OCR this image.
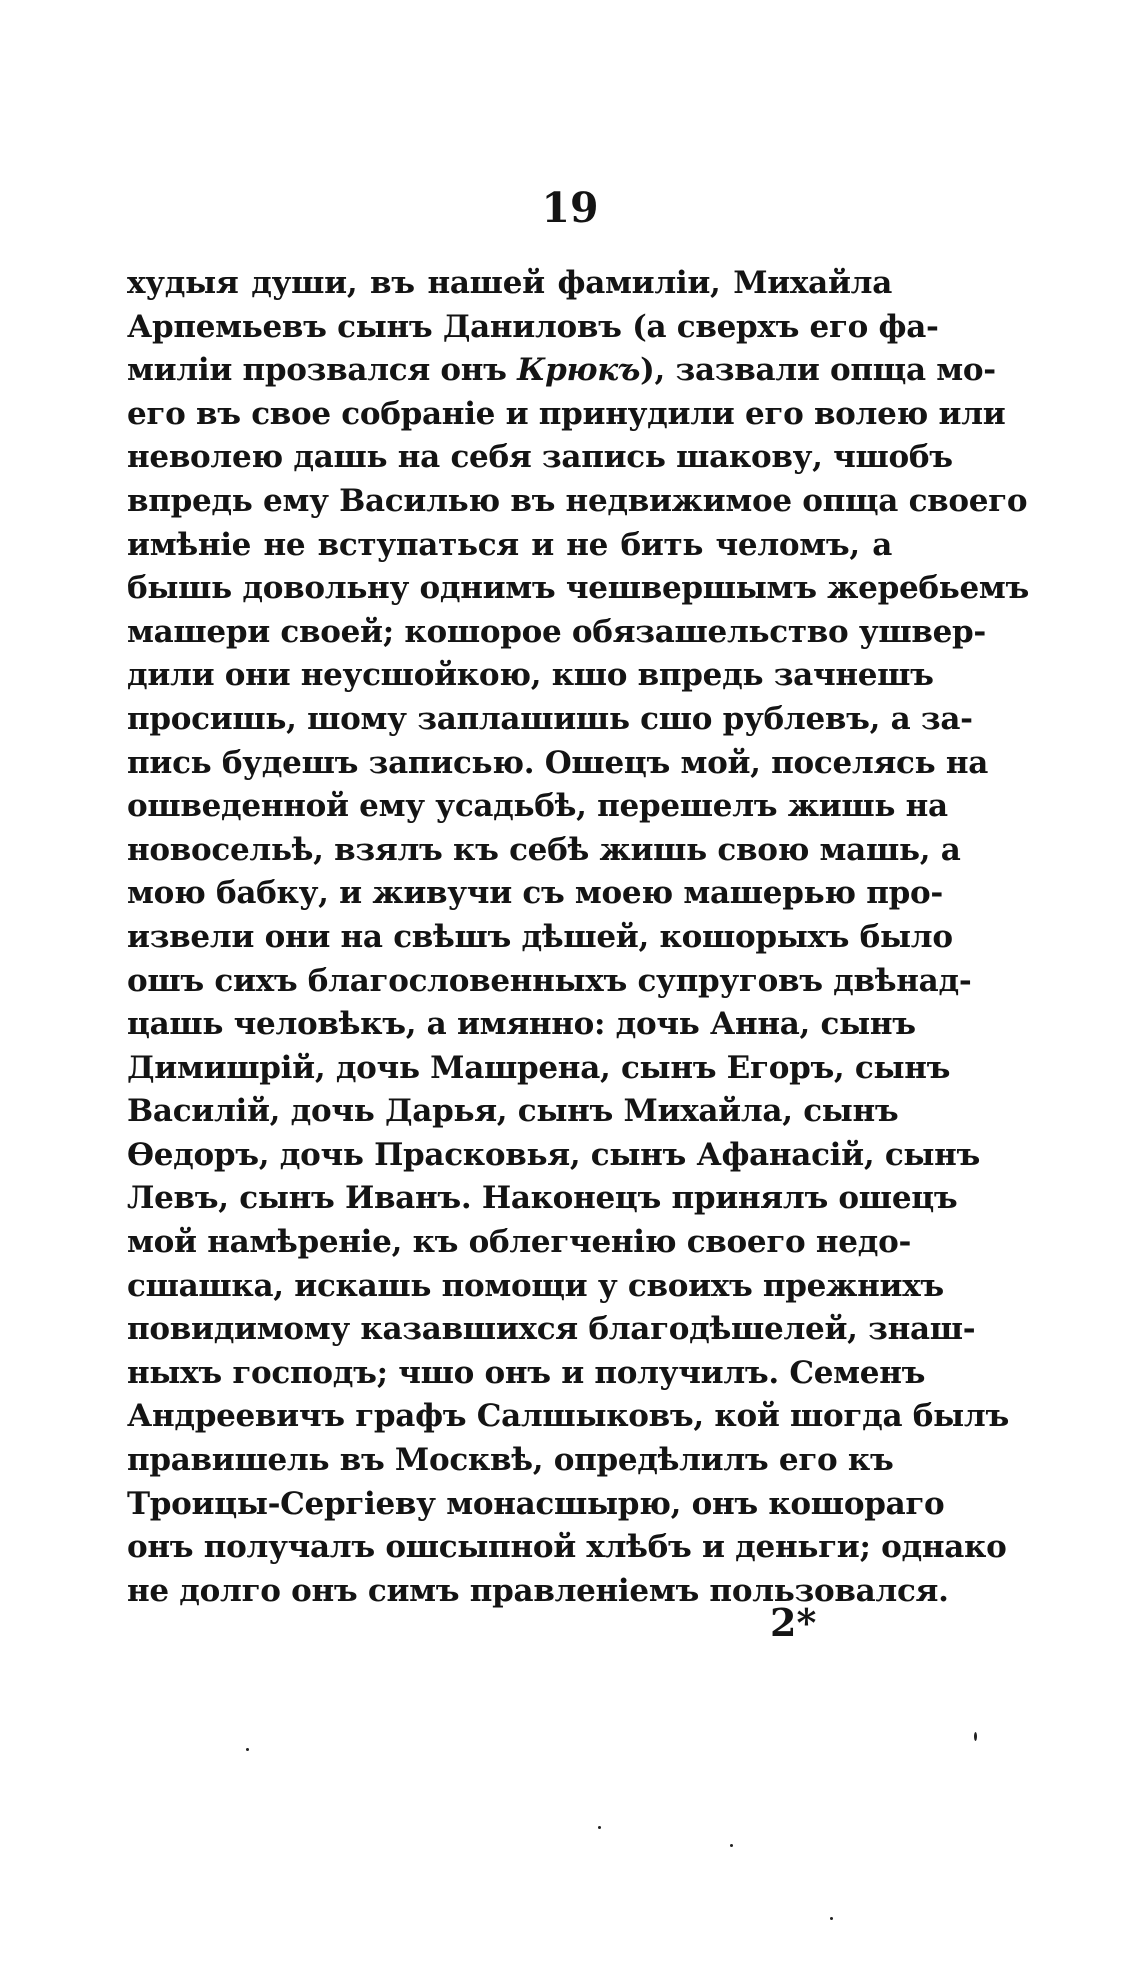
19
худыя души, въ нашей фамиліи, Михайла
Арпемьевъ сынъ Даниловъ (а сверхъ его фа-
миліи прозвался онъ Крюкъ), зазвали опща мо-
его въ свое собраніе и принудили его волею или
неволею дашь на себя запись шакову, чшобъ
впредь ему Василью въ недвижимое опща своего
имѣніе не вступаться и не бить челомъ, а
бышь довольну однимъ чешвершымъ жеребьемъ
машери своей; кошорое обязашельство ушвер-
дили они неусшойкою, кшо впредь зачнешъ
просишь, шому заплашишь сшо рублевъ, а за-
пись будешъ записью. Ошецъ мой, поселясь на
ошведенной ему усадьбѣ, перешелъ жишь на
новосельѣ, взялъ къ себѣ жишь свою машь, а
мою бабку, и живучи съ моею машерью про-
извели они на свѣшъ дѣшей, кошорыхъ было
ошъ сихъ благословенныхъ супруговъ двѣнад-
цашь человѣкъ, а имянно: дочь Анна, сынъ
Димишрій, дочь Машрена, сынъ Егоръ, сынъ
Василій, дочь Дарья, сынъ Михайла, сынъ
Ѳедоръ, дочь Прасковья, сынъ Афанасій, сынъ
Левъ, сынъ Иванъ. Наконецъ принялъ ошецъ
мой намѣреніе, къ облегченію своего недо-
сшашка, искашь помощи у своихъ прежнихъ
повидимому казавшихся благодѣшелей, знаш-
ныхъ господъ; чшо онъ и получилъ. Семенъ
Андреевичъ графъ Салшыковъ, кой шогда былъ
правишель въ Москвѣ, опредѣлилъ его къ
Троицы-Сергіеву монасшырю, онъ кошораго
онъ получалъ ошсыпной хлѣбъ и деньги; однако
не долго онъ симъ правленіемъ пользовался.
2*
